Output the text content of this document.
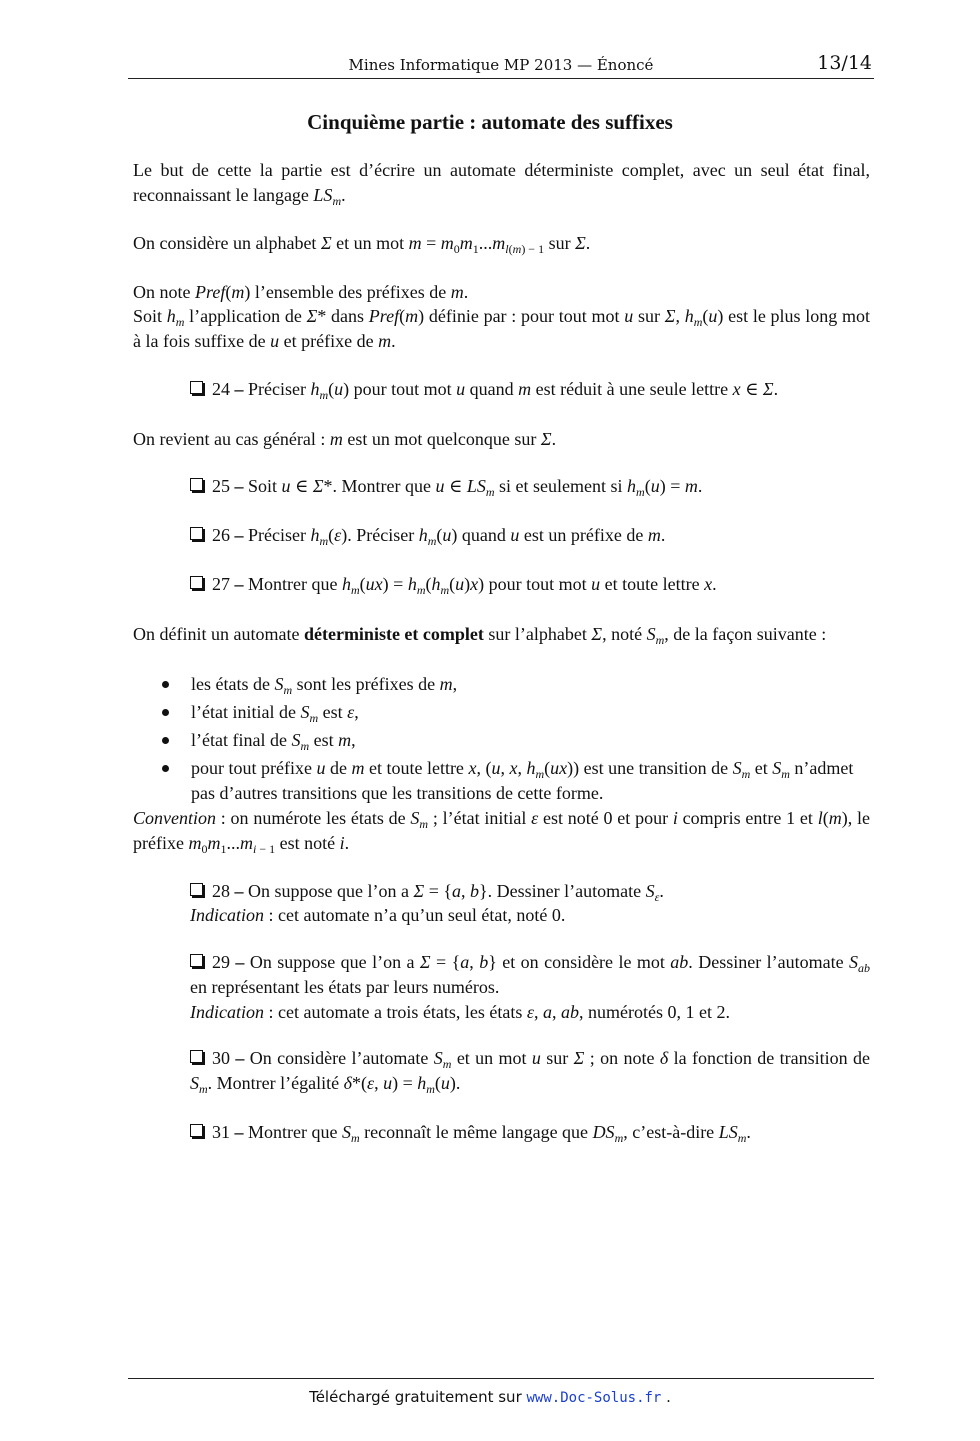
Mines Informatique MP 2013 — Énoncé	13/14
Cinquième partie : automate des suffixes
Le but de cette la partie est d’écrire un automate déterministe complet, avec un seul état final, reconnaissant le langage $LS_m$.
On considère un alphabet Σ et un mot $m = m_0m_1...m_{l(m) - 1}$ sur Σ.
On note Pref(m) l’ensemble des préfixes de m.
Soit $h_m$ l’application de Σ* dans Pref(m) définie par : pour tout mot u sur Σ, $h_m(u)$ est le plus long mot à la fois suffixe de u et préfixe de m.
24 – Préciser $h_m(u)$ pour tout mot u quand m est réduit à une seule lettre x ∈ Σ.
On revient au cas général : m est un mot quelconque sur Σ.
25 – Soit u ∈ Σ*. Montrer que u ∈ $LS_m$ si et seulement si $h_m(u) = m$.
26 – Préciser $h_m(\varepsilon)$. Préciser $h_m(u)$ quand u est un préfixe de m.
27 – Montrer que $h_m(ux) = h_m(h_m(u)x)$ pour tout mot u et toute lettre x.
On définit un automate déterministe et complet sur l’alphabet Σ, noté $S_m$, de la façon suivante :
les états de $S_m$ sont les préfixes de m,
l’état initial de $S_m$ est ε,
l’état final de $S_m$ est m,
pour tout préfixe u de m et toute lettre x, (u, x, $h_m(ux)$) est une transition de $S_m$ et $S_m$ n’admet pas d’autres transitions que les transitions de cette forme.
Convention : on numérote les états de $S_m$ ; l’état initial ε est noté 0 et pour i compris entre 1 et l(m), le préfixe $m_0m_1...m_{i - 1}$ est noté i.
28 – On suppose que l’on a Σ = {a, b}. Dessiner l’automate $S_\varepsilon$.
Indication : cet automate n’a qu’un seul état, noté 0.
29 – On suppose que l’on a Σ = {a, b} et on considère le mot ab. Dessiner l’automate $S_{ab}$ en représentant les états par leurs numéros.
Indication : cet automate a trois états, les états ε, a, ab, numérotés 0, 1 et 2.
30 – On considère l’automate $S_m$ et un mot u sur Σ ; on note δ la fonction de transition de $S_m$. Montrer l’égalité δ*(ε, $u) = h_m(u)$.
31 – Montrer que $S_m$ reconnaît le même langage que $DS_m$, c’est-à-dire $LS_m$.
Téléchargé gratuitement sur www.Doc-Solus.fr .
